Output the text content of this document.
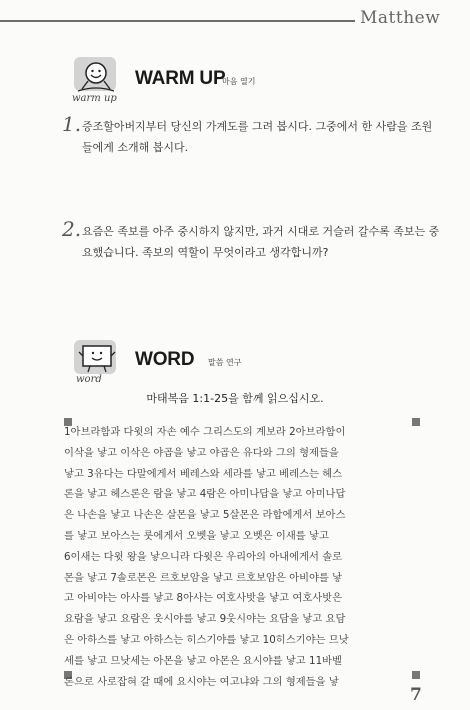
Matthew
warm up
WARM UP
마음 열기
1. 증조할아버지부터 당신의 가계도를 그려 봅시다. 그중에서 한 사람을 조원들에게 소개해 봅시다.
2. 요즘은 족보를 아주 중시하지 않지만, 과거 시대로 거슬러 갈수록 족보는 중요했습니다. 족보의 역할이 무엇이라고 생각합니까?
word
WORD 말씀 연구
마태복음 1:1-25을 함께 읽으십시오.
1아브라함과 다윗의 자손 예수 그리스도의 계보라 2아브라함이
이삭을 낳고 이삭은 야곱을 낳고 야곱은 유다와 그의 형제들을
낳고 3유다는 다말에게서 베레스와 세라를 낳고 베레스는 헤스
론을 낳고 헤스론은 람을 낳고 4람은 아미나답을 낳고 아미나답
은 나손을 낳고 나손은 살몬을 낳고 5살몬은 라합에게서 보아스
를 낳고 보아스는 룻에게서 오벳을 낳고 오벳은 이새를 낳고
6이새는 다윗 왕을 낳으니라 다윗은 우리아의 아내에게서 솔로
몬을 낳고 7솔로몬은 르호보암을 낳고 르호보암은 아비야를 낳
고 아비야는 아사를 낳고 8아사는 여호사밧을 낳고 여호사밧은
요람을 낳고 요람은 웃시야를 낳고 9웃시야는 요담을 낳고 요담
은 아하스를 낳고 아하스는 히스기야를 낳고 10히스기야는 므낫
세를 낳고 므낫세는 아몬을 낳고 아몬은 요시야를 낳고 11바벨
론으로 사로잡혀 갈 때에 요시야는 여고냐와 그의 형제들을 낳
7
